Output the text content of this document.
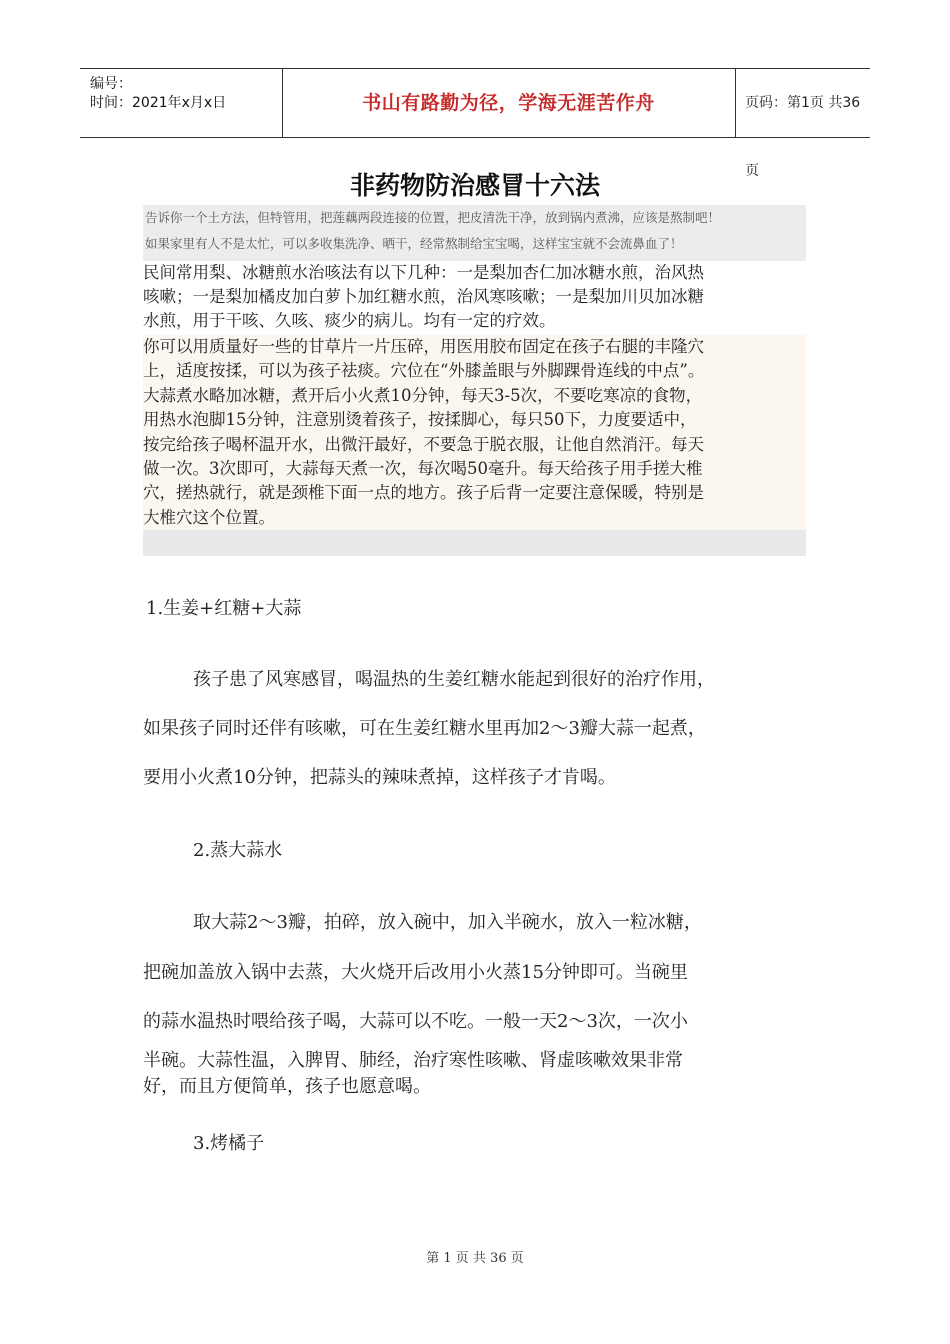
编号：
时间：2021年x月x日	书山有路勤为径，学海无涯苦作舟	页码：第1页 共36页
非药物防治感冒十六法

告诉你一个土方法，但特管用，把莲藕两段连接的位置，把皮清洗干净，放到锅内煮沸，应该是熬制吧！

如果家里有人不是太忙，可以多收集洗净、晒干，经常熬制给宝宝喝，这样宝宝就不会流鼻血了！

民间常用梨、冰糖煎水治咳法有以下几种：一是梨加杏仁加冰糖水煎，治风热

咳嗽；一是梨加橘皮加白萝卜加红糖水煎，治风寒咳嗽；一是梨加川贝加冰糖

水煎，用于干咳、久咳、痰少的病儿。均有一定的疗效。

你可以用质量好一些的甘草片一片压碎，用医用胶布固定在孩子右腿的丰隆穴

上，适度按揉，可以为孩子祛痰。穴位在“外膝盖眼与外脚踝骨连线的中点”。

大蒜煮水略加冰糖，煮开后小火煮10分钟，每天3-5次，不要吃寒凉的食物，

用热水泡脚15分钟，注意别烫着孩子，按揉脚心，每只50下，力度要适中，

按完给孩子喝杯温开水，出微汗最好，不要急于脱衣服，让他自然消汗。每天

做一次。3次即可，大蒜每天煮一次，每次喝50毫升。每天给孩子用手搓大椎

穴，搓热就行，就是颈椎下面一点的地方。孩子后背一定要注意保暖，特别是

大椎穴这个位置。

1.生姜+红糖+大蒜

孩子患了风寒感冒，喝温热的生姜红糖水能起到很好的治疗作用，

如果孩子同时还伴有咳嗽，可在生姜红糖水里再加2～3瓣大蒜一起煮，

要用小火煮10分钟，把蒜头的辣味煮掉，这样孩子才肯喝。

2.蒸大蒜水

取大蒜2～3瓣，拍碎，放入碗中，加入半碗水，放入一粒冰糖，

把碗加盖放入锅中去蒸，大火烧开后改用小火蒸15分钟即可。当碗里

的蒜水温热时喂给孩子喝，大蒜可以不吃。一般一天2～3次，一次小

半碗。大蒜性温，入脾胃、肺经，治疗寒性咳嗽、肾虚咳嗽效果非常

好，而且方便简单，孩子也愿意喝。

3.烤橘子
第 1 页 共 36 页
